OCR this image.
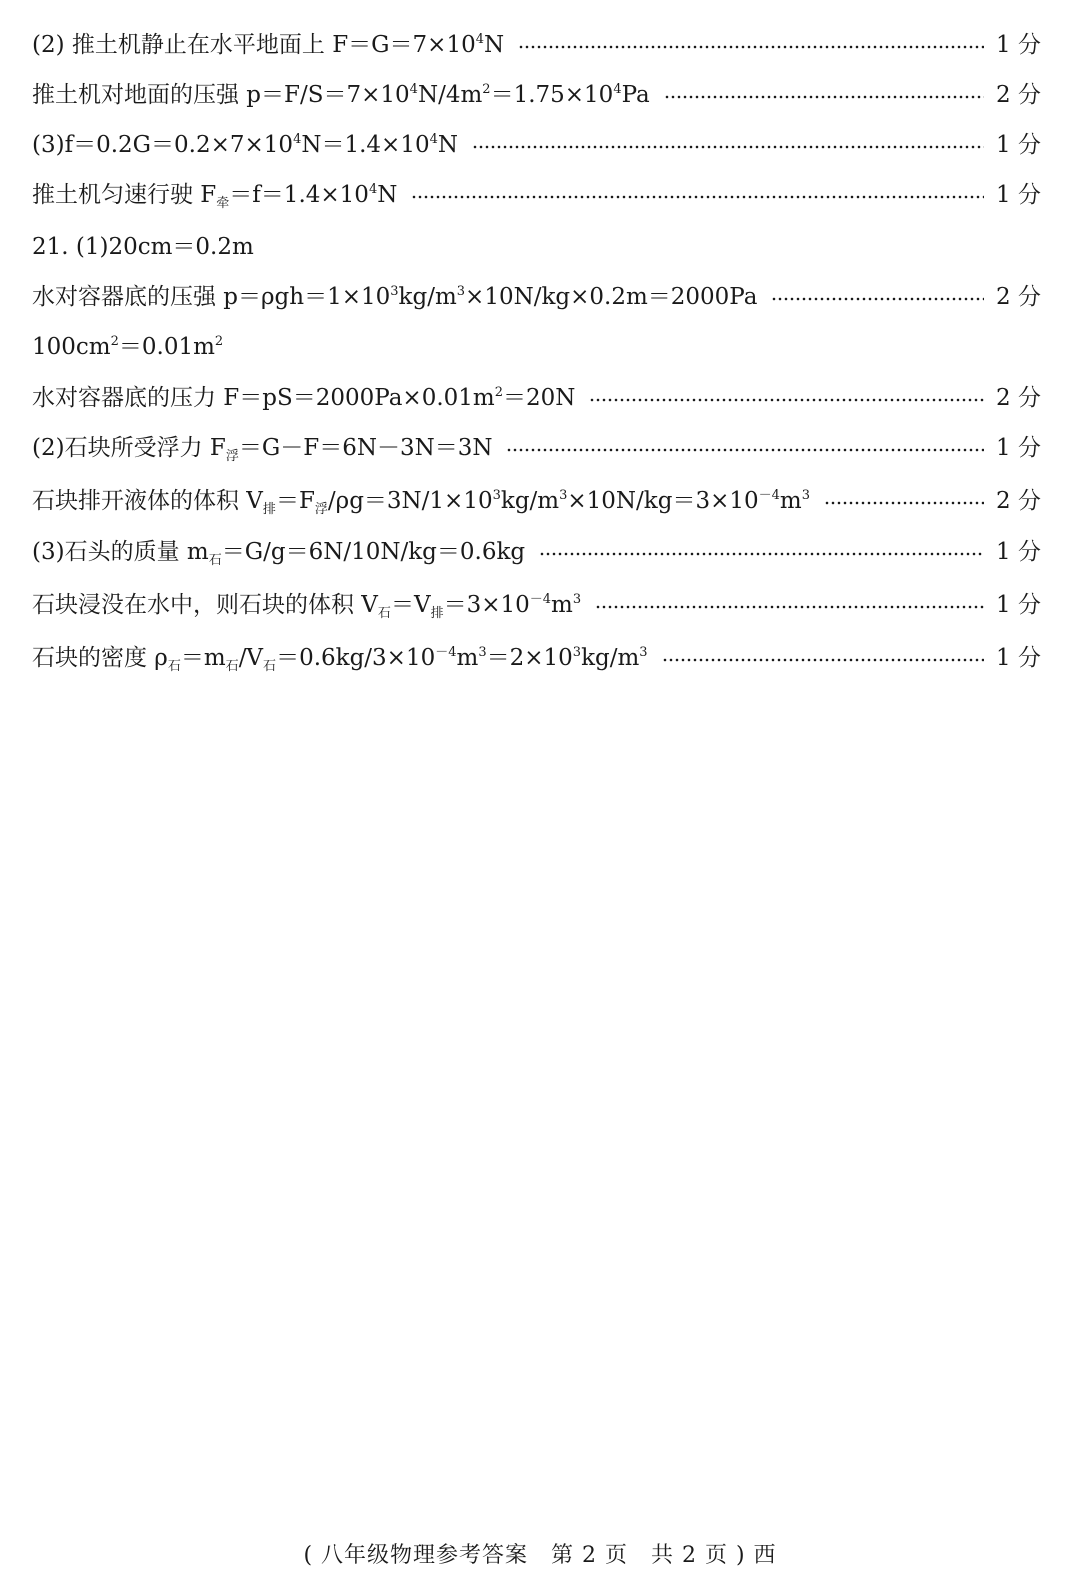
(2) 推土机静止在水平地面上 $F=G=7\times 10^4N$	1 分
推土机对地面的压强 $p=F/S=7\times 10^4N/4m^2=1.75\times 10^4Pa$	2 分
$(3)f=0.2G=0.2\times 7\times 10^4N=1.4\times 10^4N$	1 分
推土机匀速行驶 $F_牵=f=1.4\times 10^4N$	1 分
21. (1)20cm＝0.2m
水对容器底的压强 $p=\rho gh=1\times 10^3kg/m^3\times 10N/kg\times 0.2m=2000Pa$	2 分
$100cm^2=0.01m^2$
水对容器底的压力 $F=pS=2000Pa\times 0.01m^2=20N$	2 分
(2)石块所受浮力 $F_浮=G-F=6N-3N=3N$	1 分
石块排开液体的体积 $V_排=F_浮/\rho g=3N/1\times 10^3kg/m^3\times 10N/kg=3\times 10^{-4}m^3$	2 分
(3)石头的质量 $m_石=G/g=6N/10N/kg=0.6kg$	1 分
石块浸没在水中，则石块的体积 $V_石=V_排=3\times 10^{-4}m^3$	1 分
石块的密度 $\rho_石=m_石/V_石=0.6kg/3\times 10^{-4}m^3=2\times 10^3kg/m^3$	1 分
( 八年级物理参考答案　第 2 页　共 2 页 ) 西
